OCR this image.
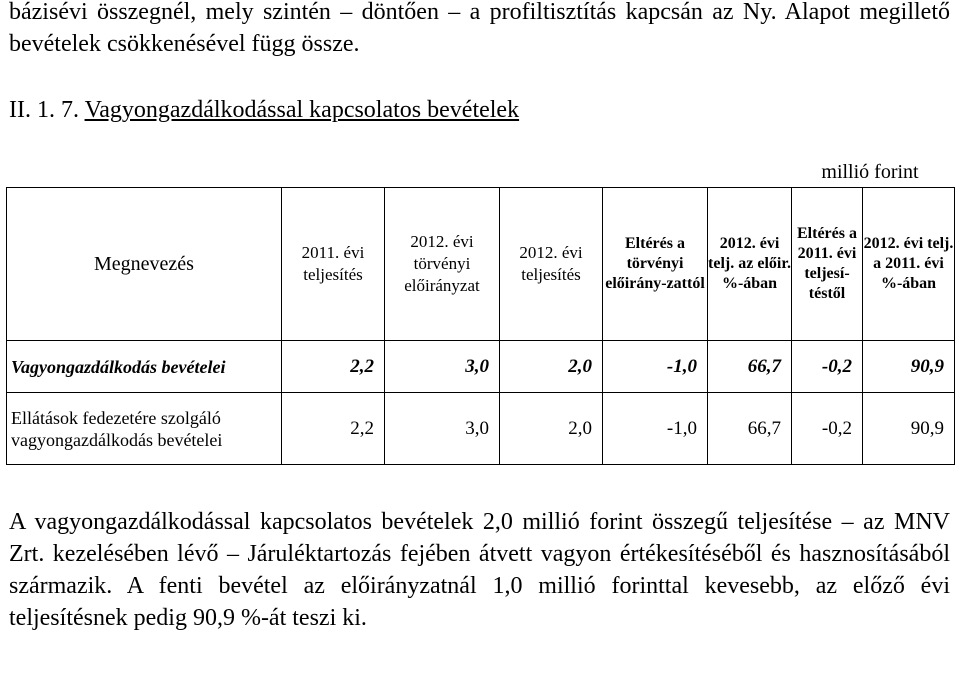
bázisévi összegnél, mely szintén – döntően – a profiltisztítás kapcsán az Ny. Alapot megillető bevételek csökkenésével függ össze.
II. 1. 7. Vagyongazdálkodással kapcsolatos bevételek
millió forint
Megnevezés	2011. évi teljesítés	2012. évi törvényi előirányzat	2012. évi teljesítés	Eltérés a törvényi előirány-zattól	2012. évi telj. az előir. %-ában	Eltérés a 2011. évi teljesí-téstől	2012. évi telj. a 2011. évi %-ában
Vagyongazdálkodás bevételei	2,2	3,0	2,0	-1,0	66,7	-0,2	90,9
Ellátások fedezetére szolgáló vagyongazdálkodás bevételei	2,2	3,0	2,0	-1,0	66,7	-0,2	90,9
A vagyongazdálkodással kapcsolatos bevételek 2,0 millió forint összegű teljesítése – az MNV Zrt. kezelésében lévő – Járuléktartozás fejében átvett vagyon értékesítéséből és hasznosításából származik. A fenti bevétel az előirányzatnál 1,0 millió forinttal kevesebb, az előző évi teljesítésnek pedig 90,9 %-át teszi ki.
